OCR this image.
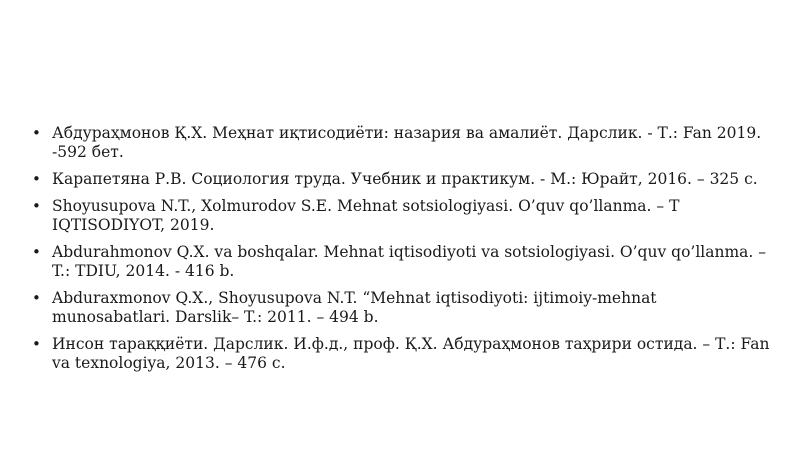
• Абдураҳмонов Қ.Х. Меҳнат иқтисодиёти: назария ва амалиёт. Дарслик. - Т.: Fan 2019. -592 бет.
• Карапетяна Р.В. Социология труда. Учебник и практикум. - М.: Юрайт, 2016. – 325 с.
• Shoyusupova N.T., Xolmurodov S.E. Mehnat sotsiologiyasi. O’quv qo’llanma. – T IQTISODIYOT, 2019.
• Abdurahmonov Q.X. va boshqalar. Mehnat iqtisodiyoti va sotsiologiyasi. O’quv qo’llanma. – T.: TDIU, 2014. - 416 b.
• Abduraxmonov Q.X., Shoyusupova N.T. “Mehnat iqtisodiyoti: ijtimoiy-mehnat munosabatlari. Darslik– T.: 2011. – 494 b.
• Инсон тараққиёти. Дарслик. И.ф.д., проф. Қ.Х. Абдураҳмонов таҳрири остида. – Т.: Fan va texnologiya, 2013. – 476 с.
